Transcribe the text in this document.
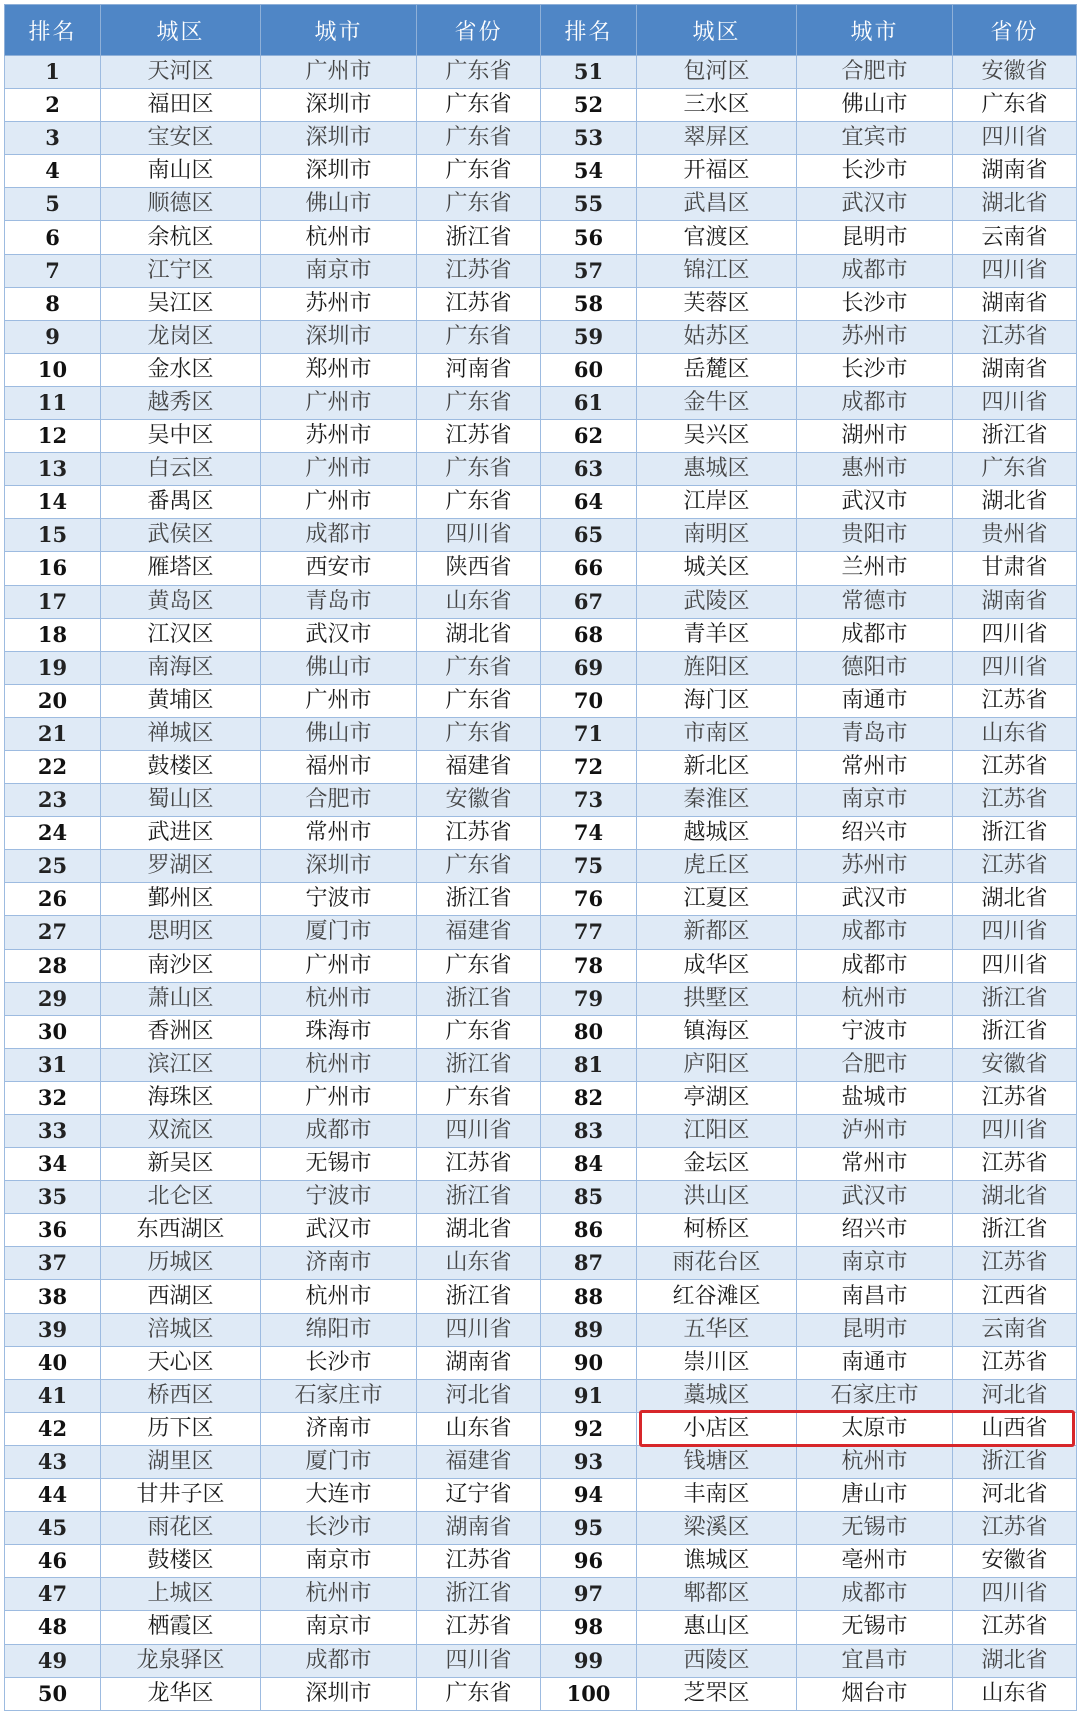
排名	城区	城市	省份	排名	城区	城市	省份
1	天河区	广州市	广东省	51	包河区	合肥市	安徽省
2	福田区	深圳市	广东省	52	三水区	佛山市	广东省
3	宝安区	深圳市	广东省	53	翠屏区	宜宾市	四川省
4	南山区	深圳市	广东省	54	开福区	长沙市	湖南省
5	顺德区	佛山市	广东省	55	武昌区	武汉市	湖北省
6	余杭区	杭州市	浙江省	56	官渡区	昆明市	云南省
7	江宁区	南京市	江苏省	57	锦江区	成都市	四川省
8	吴江区	苏州市	江苏省	58	芙蓉区	长沙市	湖南省
9	龙岗区	深圳市	广东省	59	姑苏区	苏州市	江苏省
10	金水区	郑州市	河南省	60	岳麓区	长沙市	湖南省
11	越秀区	广州市	广东省	61	金牛区	成都市	四川省
12	吴中区	苏州市	江苏省	62	吴兴区	湖州市	浙江省
13	白云区	广州市	广东省	63	惠城区	惠州市	广东省
14	番禺区	广州市	广东省	64	江岸区	武汉市	湖北省
15	武侯区	成都市	四川省	65	南明区	贵阳市	贵州省
16	雁塔区	西安市	陕西省	66	城关区	兰州市	甘肃省
17	黄岛区	青岛市	山东省	67	武陵区	常德市	湖南省
18	江汉区	武汉市	湖北省	68	青羊区	成都市	四川省
19	南海区	佛山市	广东省	69	旌阳区	德阳市	四川省
20	黄埔区	广州市	广东省	70	海门区	南通市	江苏省
21	禅城区	佛山市	广东省	71	市南区	青岛市	山东省
22	鼓楼区	福州市	福建省	72	新北区	常州市	江苏省
23	蜀山区	合肥市	安徽省	73	秦淮区	南京市	江苏省
24	武进区	常州市	江苏省	74	越城区	绍兴市	浙江省
25	罗湖区	深圳市	广东省	75	虎丘区	苏州市	江苏省
26	鄞州区	宁波市	浙江省	76	江夏区	武汉市	湖北省
27	思明区	厦门市	福建省	77	新都区	成都市	四川省
28	南沙区	广州市	广东省	78	成华区	成都市	四川省
29	萧山区	杭州市	浙江省	79	拱墅区	杭州市	浙江省
30	香洲区	珠海市	广东省	80	镇海区	宁波市	浙江省
31	滨江区	杭州市	浙江省	81	庐阳区	合肥市	安徽省
32	海珠区	广州市	广东省	82	亭湖区	盐城市	江苏省
33	双流区	成都市	四川省	83	江阳区	泸州市	四川省
34	新吴区	无锡市	江苏省	84	金坛区	常州市	江苏省
35	北仑区	宁波市	浙江省	85	洪山区	武汉市	湖北省
36	东西湖区	武汉市	湖北省	86	柯桥区	绍兴市	浙江省
37	历城区	济南市	山东省	87	雨花台区	南京市	江苏省
38	西湖区	杭州市	浙江省	88	红谷滩区	南昌市	江西省
39	涪城区	绵阳市	四川省	89	五华区	昆明市	云南省
40	天心区	长沙市	湖南省	90	崇川区	南通市	江苏省
41	桥西区	石家庄市	河北省	91	藁城区	石家庄市	河北省
42	历下区	济南市	山东省	92	小店区	太原市	山西省
43	湖里区	厦门市	福建省	93	钱塘区	杭州市	浙江省
44	甘井子区	大连市	辽宁省	94	丰南区	唐山市	河北省
45	雨花区	长沙市	湖南省	95	梁溪区	无锡市	江苏省
46	鼓楼区	南京市	江苏省	96	谯城区	亳州市	安徽省
47	上城区	杭州市	浙江省	97	郫都区	成都市	四川省
48	栖霞区	南京市	江苏省	98	惠山区	无锡市	江苏省
49	龙泉驿区	成都市	四川省	99	西陵区	宜昌市	湖北省
50	龙华区	深圳市	广东省	100	芝罘区	烟台市	山东省
